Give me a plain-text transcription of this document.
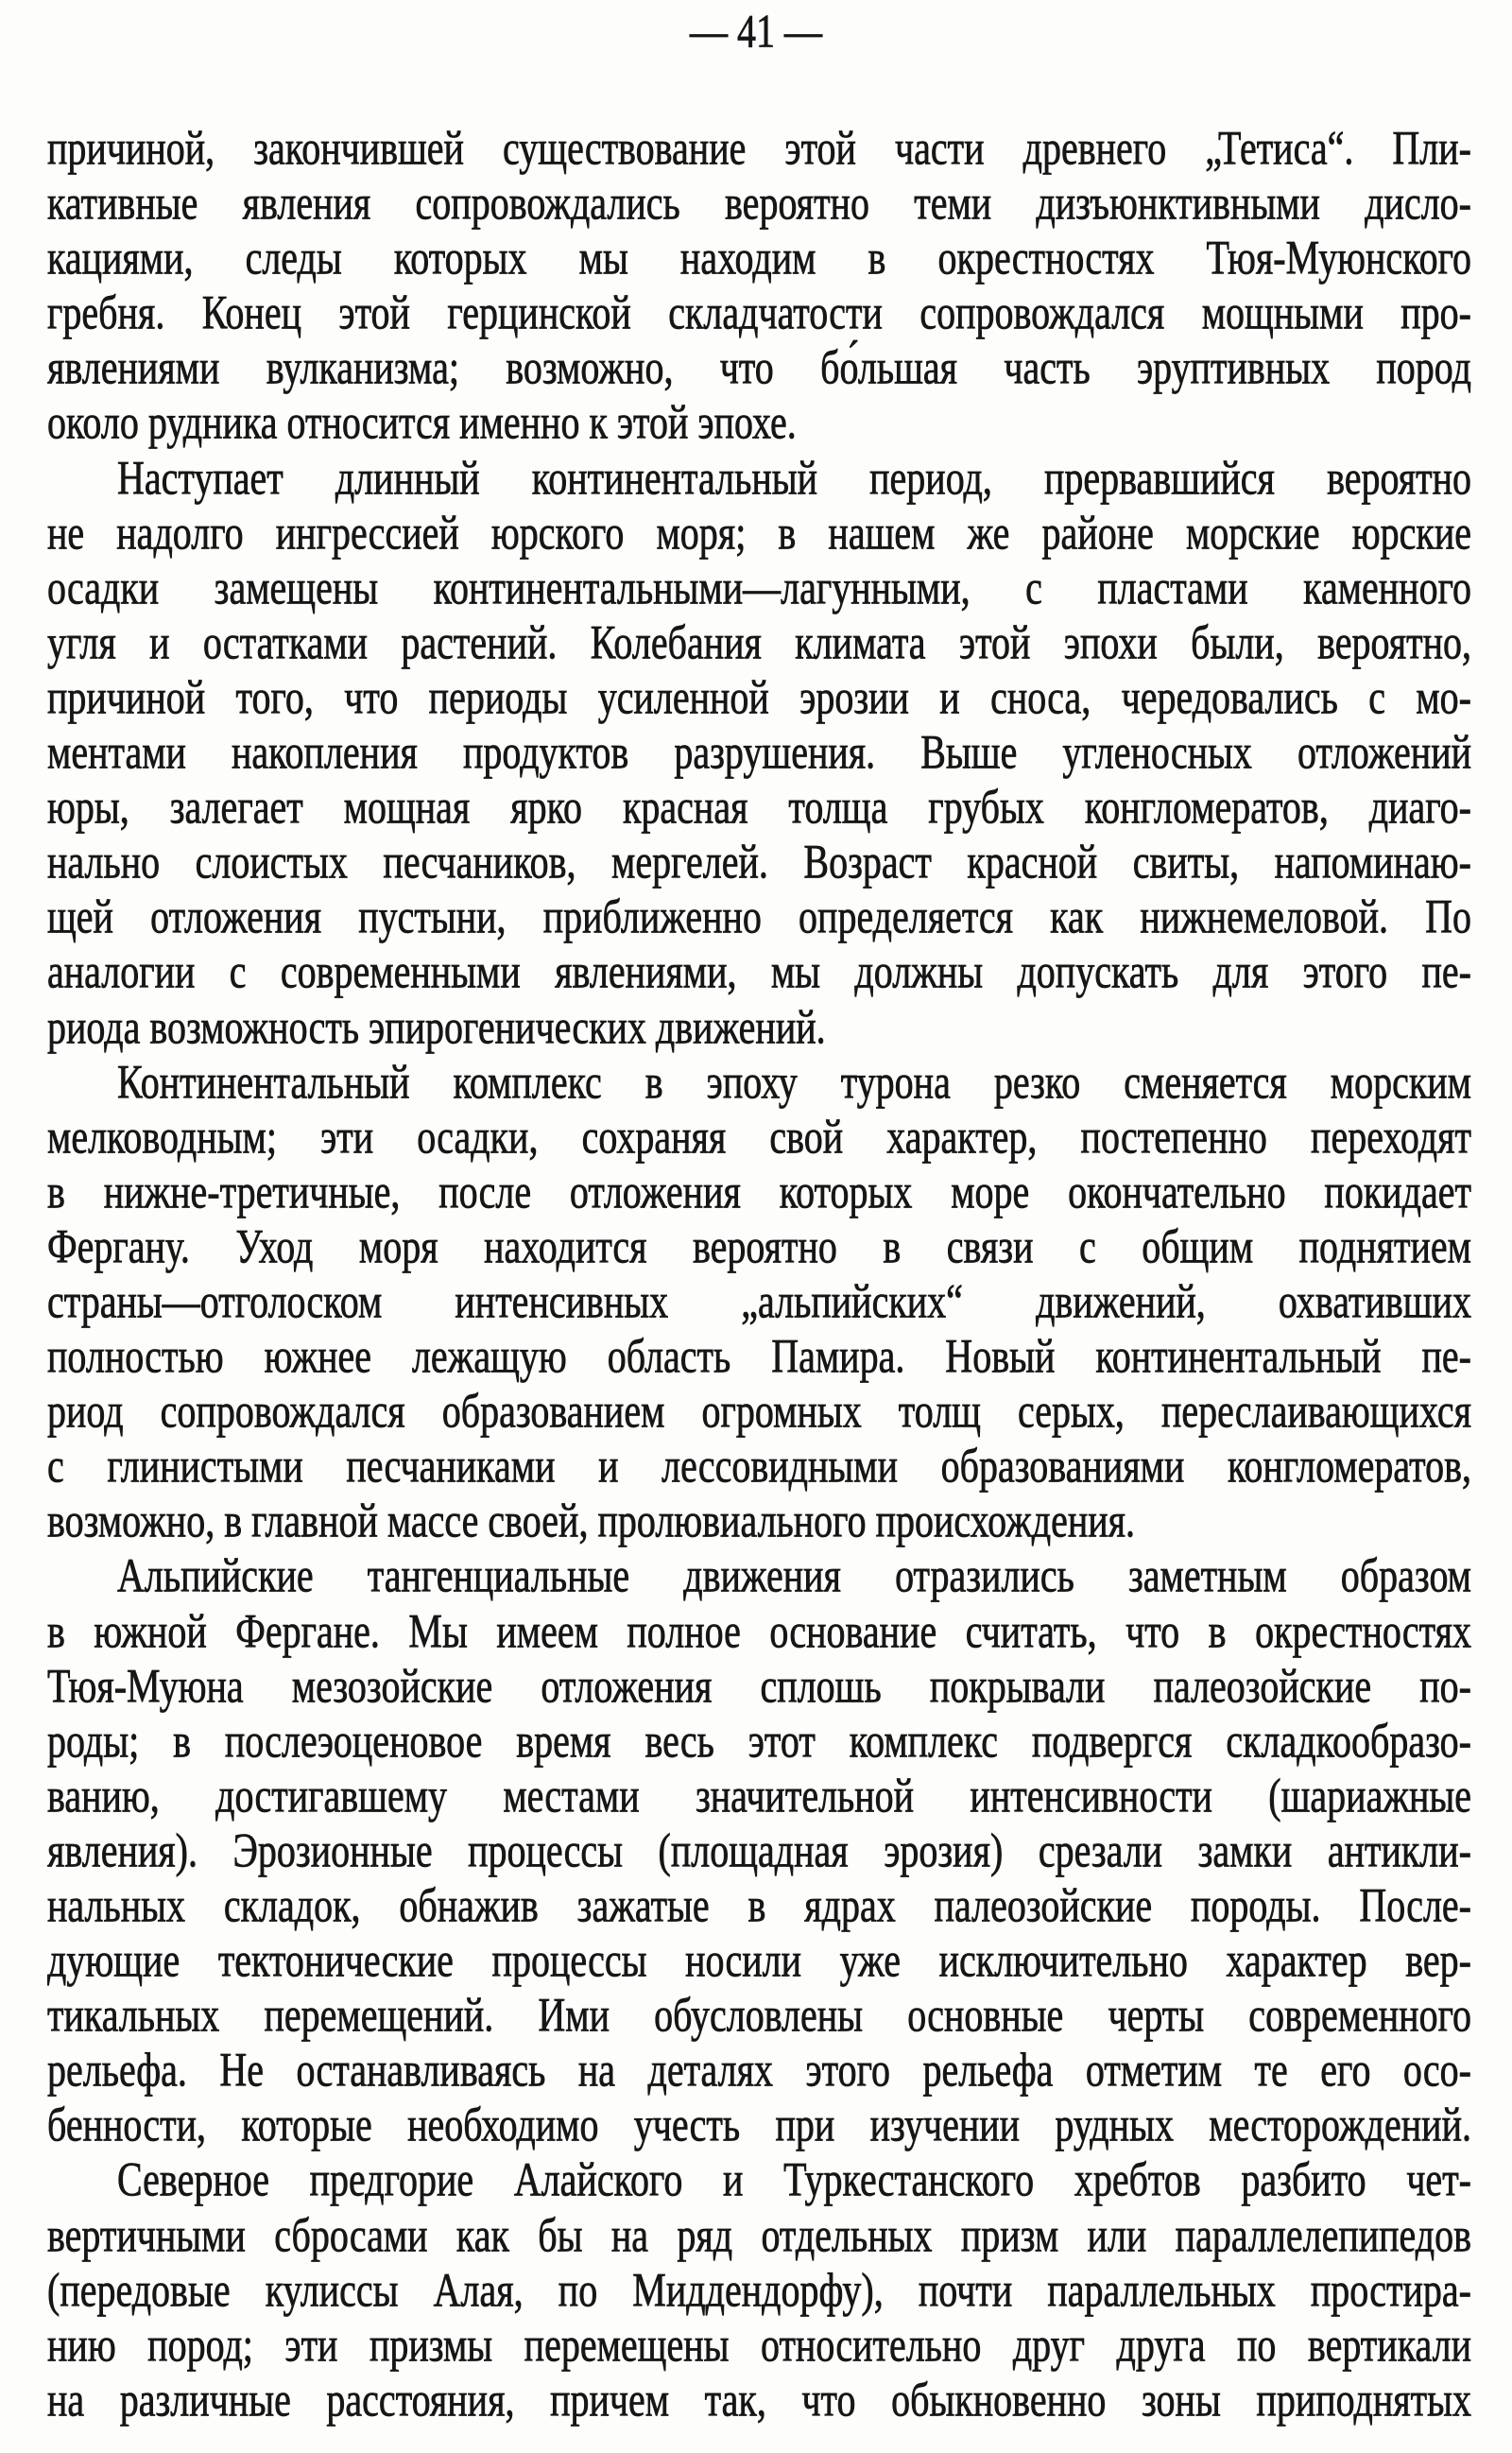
— 41 —
причиной, закончившей существование этой части древнего „Тетиса“. Пли-
кативные явления сопровождались вероятно теми дизъюнктивными дисло-
кациями, следы которых мы находим в окрестностях Тюя-Муюнского
гребня. Конец этой герцинской складчатости сопровождался мощными про-
явлениями вулканизма; возможно, что бо́льшая часть эруптивных пород
около рудника относится именно к этой эпохе.
Наступает длинный континентальный период, прервавшийся вероятно
не надолго ингрессией юрского моря; в нашем же районе морские юрские
осадки замещены континентальными—лагунными, с пластами каменного
угля и остатками растений. Колебания климата этой эпохи были, вероятно,
причиной того, что периоды усиленной эрозии и сноса, чередовались с мо-
ментами накопления продуктов разрушения. Выше угленосных отложений
юры, залегает мощная ярко красная толща грубых конгломератов, диаго-
нально слоистых песчаников, мергелей. Возраст красной свиты, напоминаю-
щей отложения пустыни, приближенно определяется как нижнемеловой. По
аналогии с современными явлениями, мы должны допускать для этого пе-
риода возможность эпирогенических движений.
Континентальный комплекс в эпоху турона резко сменяется морским
мелководным; эти осадки, сохраняя свой характер, постепенно переходят
в нижне-третичные, после отложения которых море окончательно покидает
Фергану. Уход моря находится вероятно в связи с общим поднятием
страны—отголоском интенсивных „альпийских“ движений, охвативших
полностью южнее лежащую область Памира. Новый континентальный пе-
риод сопровождался образованием огромных толщ серых, переслаивающихся
с глинистыми песчаниками и лессовидными образованиями конгломератов,
возможно, в главной массе своей, пролювиального происхождения.
Альпийские тангенциальные движения отразились заметным образом
в южной Фергане. Мы имеем полное основание считать, что в окрестностях
Тюя-Муюна мезозойские отложения сплошь покрывали палеозойские по-
роды; в послеэоценовое время весь этот комплекс подвергся складкообразо-
ванию, достигавшему местами значительной интенсивности (шариажные
явления). Эрозионные процессы (площадная эрозия) срезали замки антикли-
нальных складок, обнажив зажатые в ядрах палеозойские породы. После-
дующие тектонические процессы носили уже исключительно характер вер-
тикальных перемещений. Ими обусловлены основные черты современного
рельефа. Не останавливаясь на деталях этого рельефа отметим те его осо-
бенности, которые необходимо учесть при изучении рудных месторождений.
Северное предгорие Алайского и Туркестанского хребтов разбито чет-
вертичными сбросами как бы на ряд отдельных призм или параллелепипедов
(передовые кулиссы Алая, по Миддендорфу), почти параллельных простира-
нию пород; эти призмы перемещены относительно друг друга по вертикали
на различные расстояния, причем так, что обыкновенно зоны приподнятых
